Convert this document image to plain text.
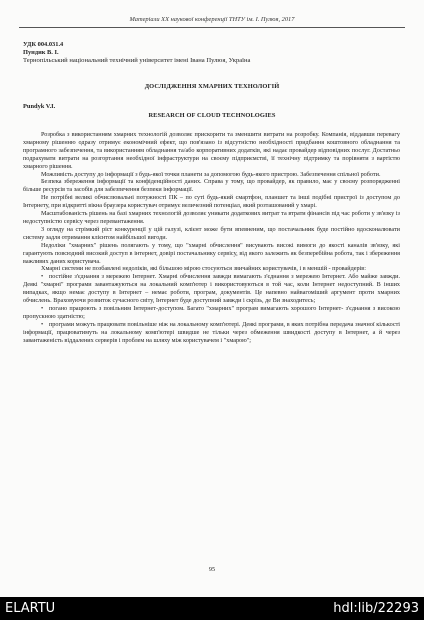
Матеріали XX наукової конференції ТНТУ ім. І. Пулюя, 2017
УДК 004.031.4
Пундик В. І.
Тернопільський національний технічний університет імені Івана Пулюя, Україна
ДОСЛІДЖЕННЯ ХМАРНИХ ТЕХНОЛОГІЙ
Pundyk V.I.
RESEARCH OF CLOUD TECHNOLOGIES

Розробка з використанням хмарних технологій дозволяє прискорити та зменшити витрати на розробку. Компанія, віддавши перевагу хмарному рішенню одразу отримує економічний ефект, що пов'язано із відсутністю необхідності придбання коштовного обладнання та програмного забезпечення, та використанням обладнання та/або корпоративних додатків, які надає провайдер відповідних послуг. Достатньо подрахувати витрати на розгортання необхідної інфраструктури на своєму підприємстві, її технічну підтримку та порівняти з вартістю хмарного рішення.

Можливість доступу до інформації з будь-якої точки планети за допомогою будь-якого пристрою. Забезпечення спільної роботи.

Безпека збереження інформації та конфіденційності даних. Справа у тому, що провайдер, як правило, має у своєму розпорядженні більше ресурсів та засобів для забезпечення безпеки інформації.

Не потрібні великі обчислювальні потужності ПК – по суті будь-який смартфон, планшет та інші подібні пристрої із доступом до Інтернету, при відкритті вікна браузера користувач отримує величезний потенціал, який розташований у хмарі.

Масштабованість рішень на базі хмарних технологій дозволяє уникати додаткових витрат та втрати фінансів під час роботи у зв'язку із недоступністю сервісу через перевантаження.

З огляду на стрімкий ріст конкуренції у цій галузі, клієнт може бути впевненим, що постачальник буде постійно вдосконалювати систему задля отримання клієнтом найбільшої вигоди.

Недоліки "хмарних" рішень полягають у тому, що "хмарні обчислення" висувають високі вимоги до якості каналів зв'язку, які гарантують повсюдний високий доступ в інтернет, довірі постачальнику сервісу, від якого залежить як безперебійна робота, так і збереження важливих даних користувача.

Хмарні системи не позбавлені недоліків, які більшою мірою стосуються звичайних користувачів, і в меншій - провайдерів:

• постійне з'єднання з мережею Інтернет. Хмарні обчислення завжди вимагають з'єднання з мережею Інтернет. Або майже завжди. Деякі "хмарні" програми завантажуються на локальний комп'ютер і використовуються в той час, коли Інтернет недоступний. В інших випадках, якщо немає доступу в Інтернет – немає роботи, програм, документів. Це напевно найвагоміший аргумент проти хмарних обчислень. Враховуючи розвиток сучасного світу, Інтернет буде доступний завжди і скрізь, де Ви знаходитесь;

• погано працюють з повільним Інтернет-доступом. Багато "хмарних" програм вимагають хорошого Інтернет- з'єднання з високою пропускною здатністю;

• програми можуть працювати повільніше ніж на локальному комп'ютері. Деякі програми, в яких потрібна передача значної кількості інформації, працюватимуть на локальному комп'ютері швидше не тільки через обмеження швидкості доступу в Інтернет, а й через завантаженість віддалених серверів і проблем на шляху між користувачем і "хмарою";

95
ELARTU	hdl:lib/22293
